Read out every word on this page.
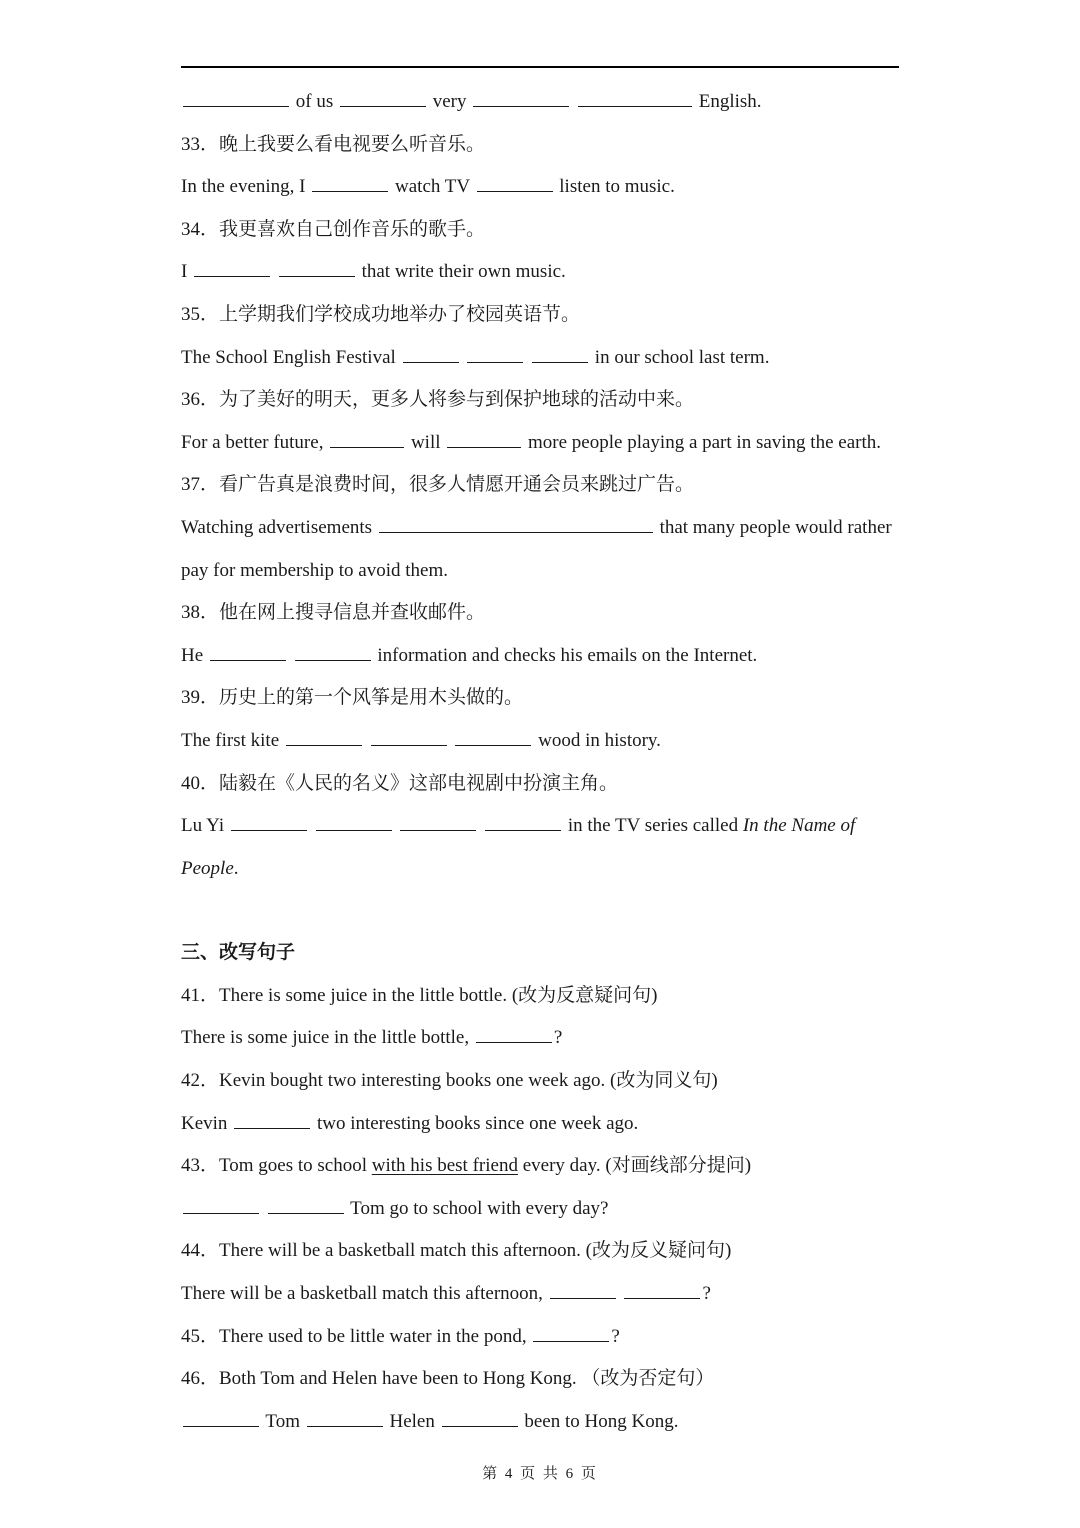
of us	very	English.
33．晚上我要么看电视要么听音乐。
In the evening, I	watch TV	listen to music.
34．我更喜欢自己创作音乐的歌手。
I	that write their own music.
35．上学期我们学校成功地举办了校园英语节。
The School English Festival	in our school last term.
36．为了美好的明天，更多人将参与到保护地球的活动中来。
For a better future,	will	more people playing a part in saving the earth.
37．看广告真是浪费时间，很多人情愿开通会员来跳过广告。
Watching advertisements	that many people would rather
pay for membership to avoid them.
38．他在网上搜寻信息并查收邮件。
He	information and checks his emails on the Internet.
39．历史上的第一个风筝是用木头做的。
The first kite	wood in history.
40．陆毅在《人民的名义》这部电视剧中扮演主角。
Lu Yi	in the TV series called In the Name of
People.
三、改写句子
41．There is some juice in the little bottle. (改为反意疑问句)
There is some juice in the little bottle,	?
42．Kevin bought two interesting books one week ago. (改为同义句)
Kevin	two interesting books since one week ago.
43．Tom goes to school with his best friend every day. (对画线部分提问)
Tom go to school with every day?
44．There will be a basketball match this afternoon. (改为反义疑问句)
There will be a basketball match this afternoon,	?
45．There used to be little water in the pond,	?
46．Both Tom and Helen have been to Hong Kong. （改为否定句）
Tom	Helen	been to Hong Kong.
第 4 页 共 6 页
